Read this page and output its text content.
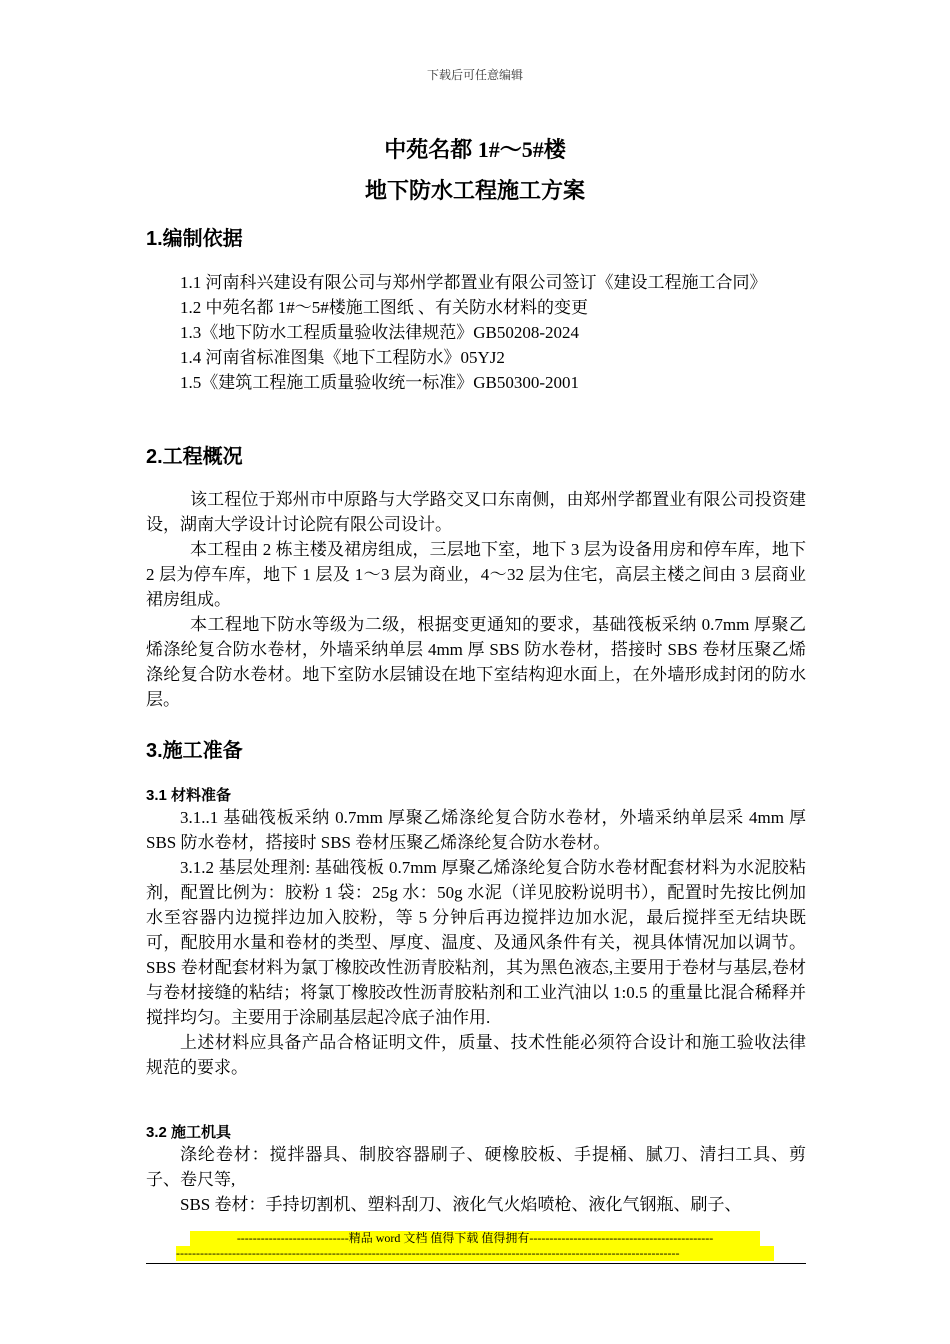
下载后可任意编辑
中苑名都 1#～5#楼
地下防水工程施工方案
1.编制依据

1.1 河南科兴建设有限公司与郑州学都置业有限公司签订《建设工程施工合同》

1.2 中苑名都 1#～5#楼施工图纸 、有关防水材料的变更

1.3《地下防水工程质量验收法律规范》GB50208-2024

1.4 河南省标准图集《地下工程防水》05YJ2

1.5《建筑工程施工质量验收统一标准》GB50300-2001

2.工程概况

该工程位于郑州市中原路与大学路交叉口东南侧，由郑州学都置业有限公司投资建设，湖南大学设计讨论院有限公司设计。

本工程由 2 栋主楼及裙房组成，三层地下室，地下 3 层为设备用房和停车库，地下 2 层为停车库，地下 1 层及 1～3 层为商业，4～32 层为住宅，高层主楼之间由 3 层商业裙房组成。

本工程地下防水等级为二级，根据变更通知的要求，基础筏板采纳 0.7mm 厚聚乙烯涤纶复合防水卷材，外墙采纳单层 4mm 厚 SBS 防水卷材，搭接时 SBS 卷材压聚乙烯涤纶复合防水卷材。地下室防水层铺设在地下室结构迎水面上，在外墙形成封闭的防水层。

3.施工准备
3.1 材料准备

3.1..1 基础筏板采纳 0.7mm 厚聚乙烯涤纶复合防水卷材，外墙采纳单层采 4mm 厚 SBS 防水卷材，搭接时 SBS 卷材压聚乙烯涤纶复合防水卷材。

3.1.2 基层处理剂: 基础筏板 0.7mm 厚聚乙烯涤纶复合防水卷材配套材料为水泥胶粘剂，配置比例为：胶粉 1 袋：25g 水：50g 水泥（详见胶粉说明书），配置时先按比例加水至容器内边搅拌边加入胶粉，等 5 分钟后再边搅拌边加水泥，最后搅拌至无结块既可，配胶用水量和卷材的类型、厚度、温度、及通风条件有关，视具体情况加以调节。SBS 卷材配套材料为氯丁橡胶改性沥青胶粘剂，其为黑色液态,主要用于卷材与基层,卷材与卷材接缝的粘结；将氯丁橡胶改性沥青胶粘剂和工业汽油以 1:0.5 的重量比混合稀释并搅拌均匀。主要用于涂刷基层起冷底子油作用.

上述材料应具备产品合格证明文件，质量、技术性能必须符合设计和施工验收法律规范的要求。

3.2 施工机具

涤纶卷材：搅拌器具、制胶容器刷子、硬橡胶板、手提桶、腻刀、清扫工具、剪子、卷尺等,

SBS 卷材：手持切割机、塑料刮刀、液化气火焰喷枪、液化气钢瓶、刷子、

----------------------------精品 word 文档 值得下载 值得拥有----------------------------------------------
------------------------------------------------------------------------------------------------------------------------------
